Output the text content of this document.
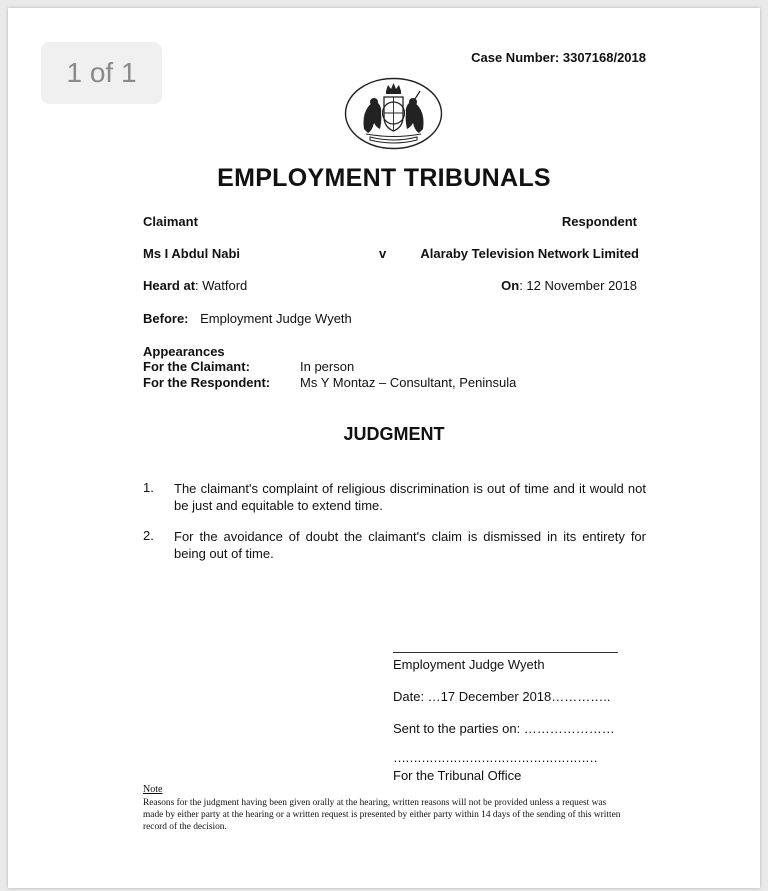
1 of 1	Case Number: 3307168/2018
EMPLOYMENT TRIBUNALS
Claimant	Respondent
Ms I Abdul Nabi	v	Alaraby Television Network Limited
Heard at: Watford	On: 12 November 2018
Before: Employment Judge Wyeth
Appearances
For the Claimant:	In person
For the Respondent: Ms Y Montaz – Consultant, Peninsula
JUDGMENT
1. The claimant's complaint of religious discrimination is out of time and it would not be just and equitable to extend time.
2. For the avoidance of doubt the claimant's claim is dismissed in its entirety for being out of time.
Employment Judge Wyeth
Date: …17 December 2018…………..
Sent to the parties on: …………………
……………………………………………
For the Tribunal Office
Note
Reasons for the judgment having been given orally at the hearing, written reasons will not be provided unless a request was made by either party at the hearing or a written request is presented by either party within 14 days of the sending of this written record of the decision.
